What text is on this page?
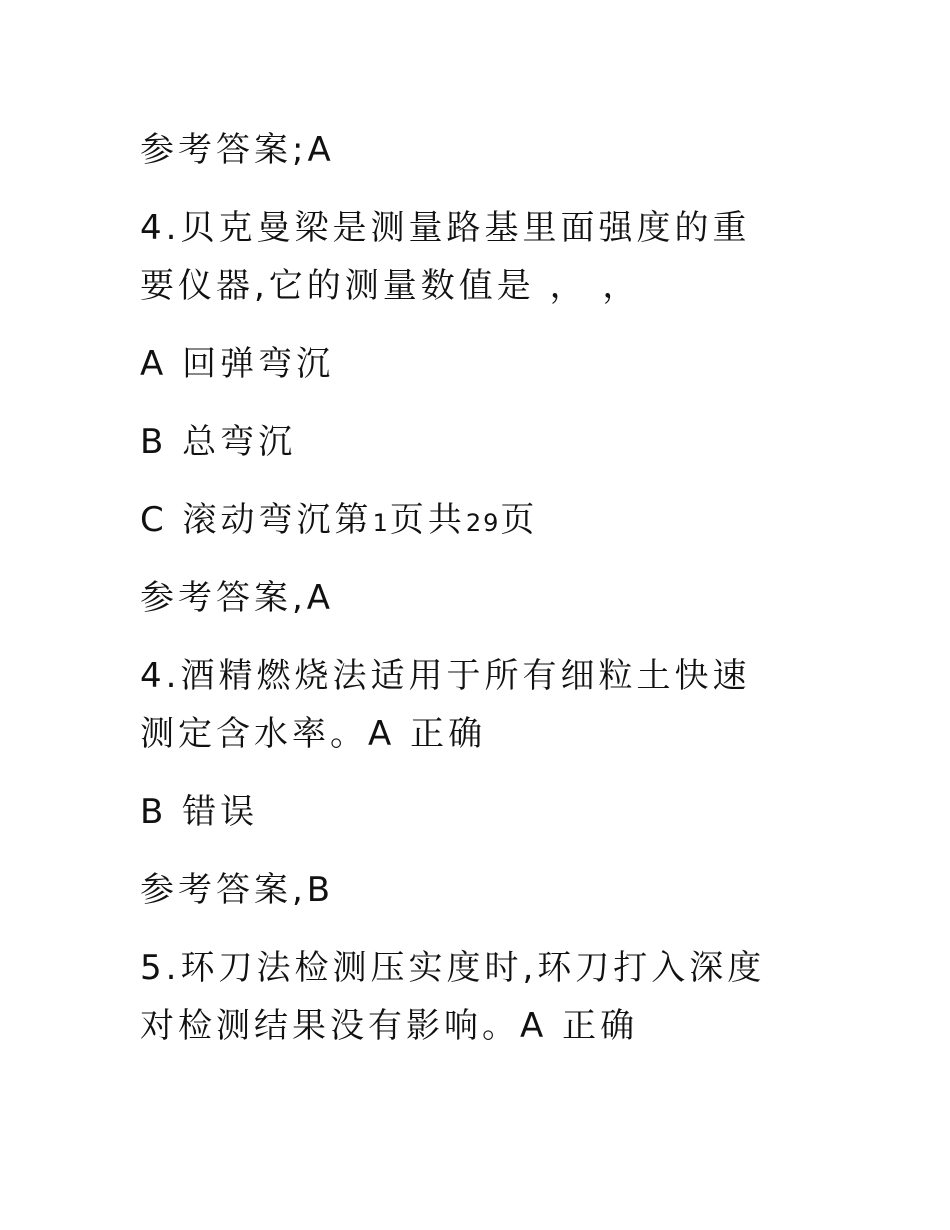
参考答案;A
4.贝克曼梁是测量路基里面强度的重
要仪器,它的测量数值是 ， ，
A 回弹弯沉
B 总弯沉
C 滚动弯沉第1页共29页
参考答案,A
4.酒精燃烧法适用于所有细粒土快速
测定含水率。A 正确
B 错误
参考答案,B
5.环刀法检测压实度时,环刀打入深度
对检测结果没有影响。A 正确
